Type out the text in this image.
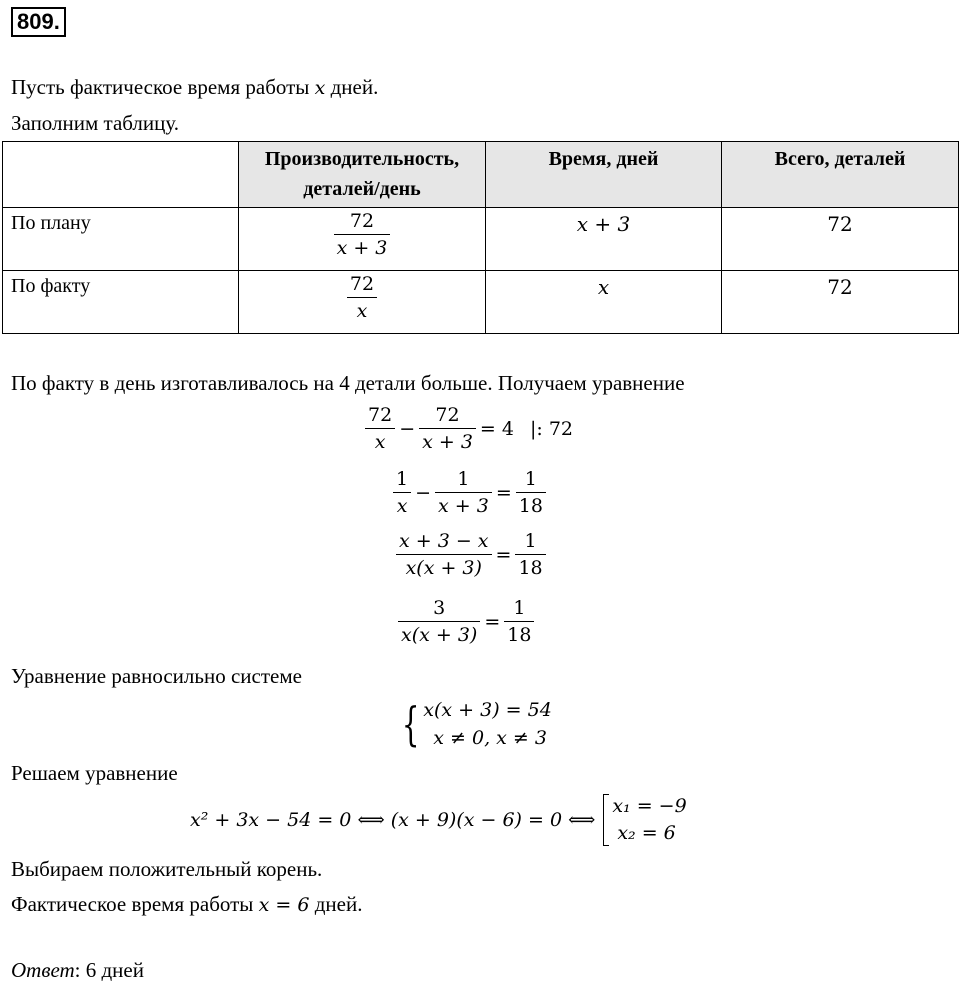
809.
Пусть фактическое время работы x дней.
Заполним таблицу.

	Производительность,
деталей/день	Время, дней	Всего, деталей
По плану	$\frac{72}{x + 3}$	x + 3	72
По факту	$\frac{72}{x}$	x	72
По факту в день изготавливалось на 4 детали больше. Получаем уравнение
$\frac{72}{x} - \frac{72}{x + 3} = 4$ |: 72
$\frac{1}{x} - \frac{1}{x + 3} = \frac{1}{18}$
$\frac{x + 3 - x}{x(x + 3)} = \frac{1}{18}$
$\frac{3}{x(x + 3)} = \frac{1}{18}$
Уравнение равносильно системе
{ x(x + 3) = 54
x ≠ 0, x ≠ 3
Решаем уравнение
x² + 3x − 54 = 0 ⟺ (x + 9)(x − 6) = 0 ⟺
x₁ = −9
x₂ = 6
Выбираем положительный корень.
Фактическое время работы x = 6 дней.
Ответ: 6 дней
